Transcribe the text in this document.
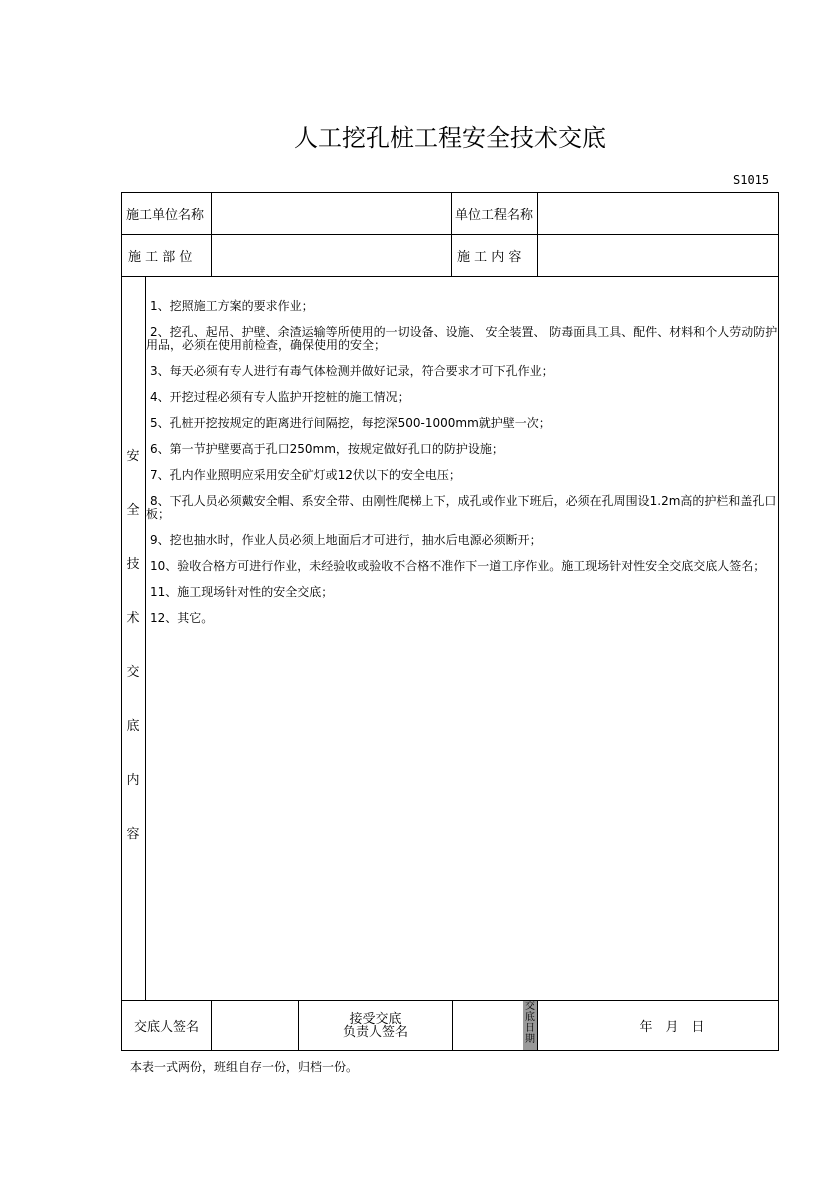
人工挖孔桩工程安全技术交底
S1015
施工单位名称	单位工程名称
施 工 部 位	施 工 内 容
安
全
技
术
交
底
内
容
1、挖照施工方案的要求作业；
2、挖孔、起吊、护壁、余渣运输等所使用的一切设备、设施、 安全装置、 防毒面具工具、配件、材料和个人劳动防护用品，必须在使用前检查，确保使用的安全；
3、每天必须有专人进行有毒气体检测并做好记录，符合要求才可下孔作业；
4、开挖过程必须有专人监护开挖桩的施工情况；
5、孔桩开挖按规定的距离进行间隔挖，每挖深500-1000mm就护壁一次；
6、第一节护壁要高于孔口250mm，按规定做好孔口的防护设施；
7、孔内作业照明应采用安全矿灯或12伏以下的安全电压；
8、下孔人员必须戴安全帽、系安全带、由刚性爬梯上下，成孔或作业下班后，必须在孔周围设1.2m高的护栏和盖孔口板；
9、挖也抽水时，作业人员必须上地面后才可进行，抽水后电源必须断开；
10、验收合格方可进行作业，未经验收或验收不合格不准作下一道工序作业。施工现场针对性安全交底交底人签名；
11、施工现场针对性的安全交底；
12、其它。
交底人签名
接受交底
负责人签名
交底日期
年　月　日
本表一式两份，班组自存一份，归档一份。
